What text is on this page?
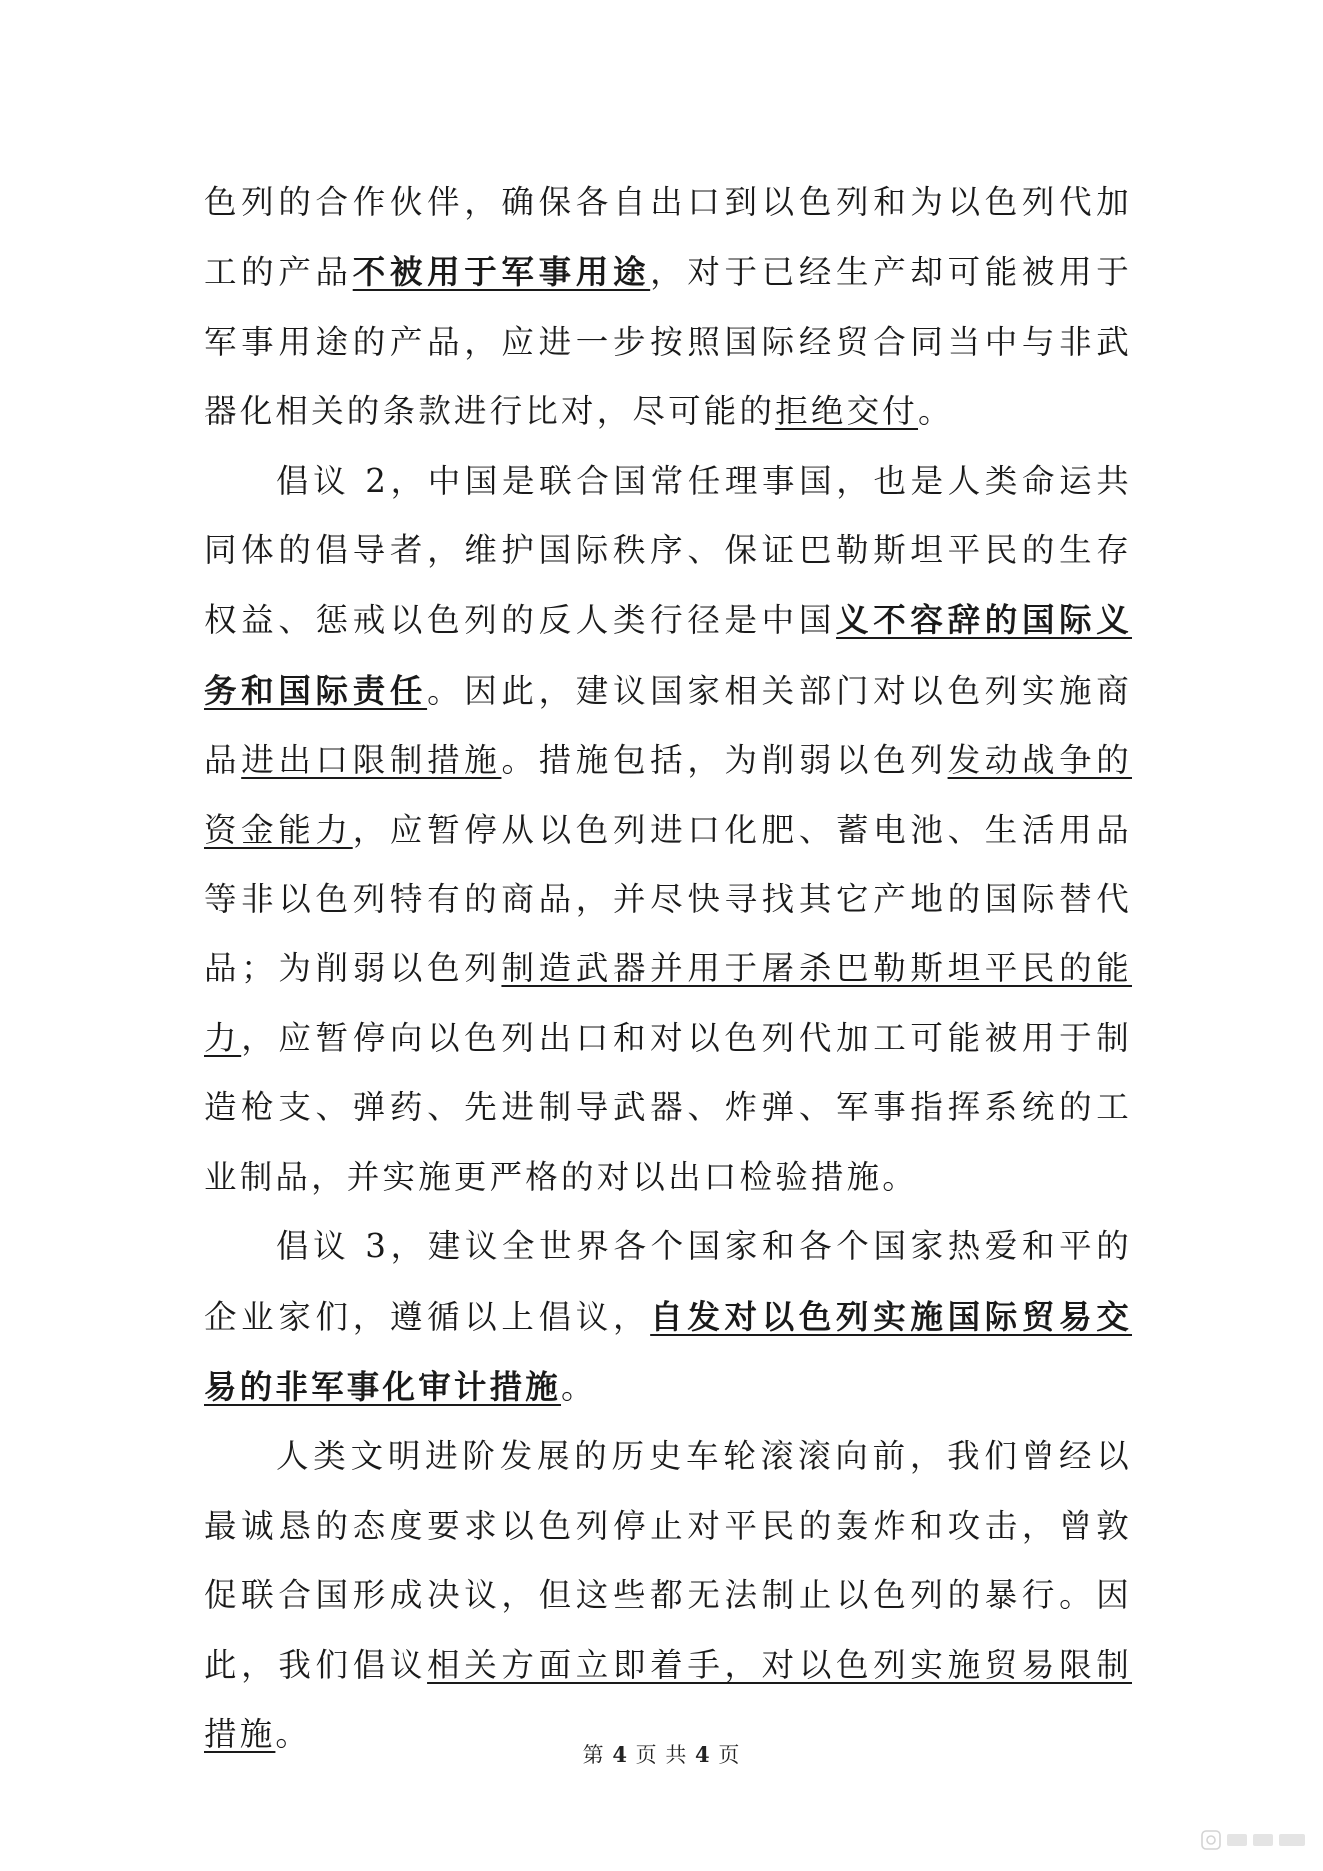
色列的合作伙伴，确保各自出口到以色列和为以色列代加工的产品不被用于军事用途，对于已经生产却可能被用于军事用途的产品，应进一步按照国际经贸合同当中与非武器化相关的条款进行比对，尽可能的拒绝交付。

倡议 2，中国是联合国常任理事国，也是人类命运共同体的倡导者，维护国际秩序、保证巴勒斯坦平民的生存权益、惩戒以色列的反人类行径是中国义不容辞的国际义务和国际责任。因此，建议国家相关部门对以色列实施商品进出口限制措施。措施包括，为削弱以色列发动战争的资金能力，应暂停从以色列进口化肥、蓄电池、生活用品等非以色列特有的商品，并尽快寻找其它产地的国际替代品；为削弱以色列制造武器并用于屠杀巴勒斯坦平民的能力，应暂停向以色列出口和对以色列代加工可能被用于制造枪支、弹药、先进制导武器、炸弹、军事指挥系统的工业制品，并实施更严格的对以出口检验措施。

倡议 3，建议全世界各个国家和各个国家热爱和平的企业家们，遵循以上倡议，自发对以色列实施国际贸易交易的非军事化审计措施。

人类文明进阶发展的历史车轮滚滚向前，我们曾经以最诚恳的态度要求以色列停止对平民的轰炸和攻击，曾敦促联合国形成决议，但这些都无法制止以色列的暴行。因此，我们倡议相关方面立即着手，对以色列实施贸易限制措施。

第 4 页 共 4 页
